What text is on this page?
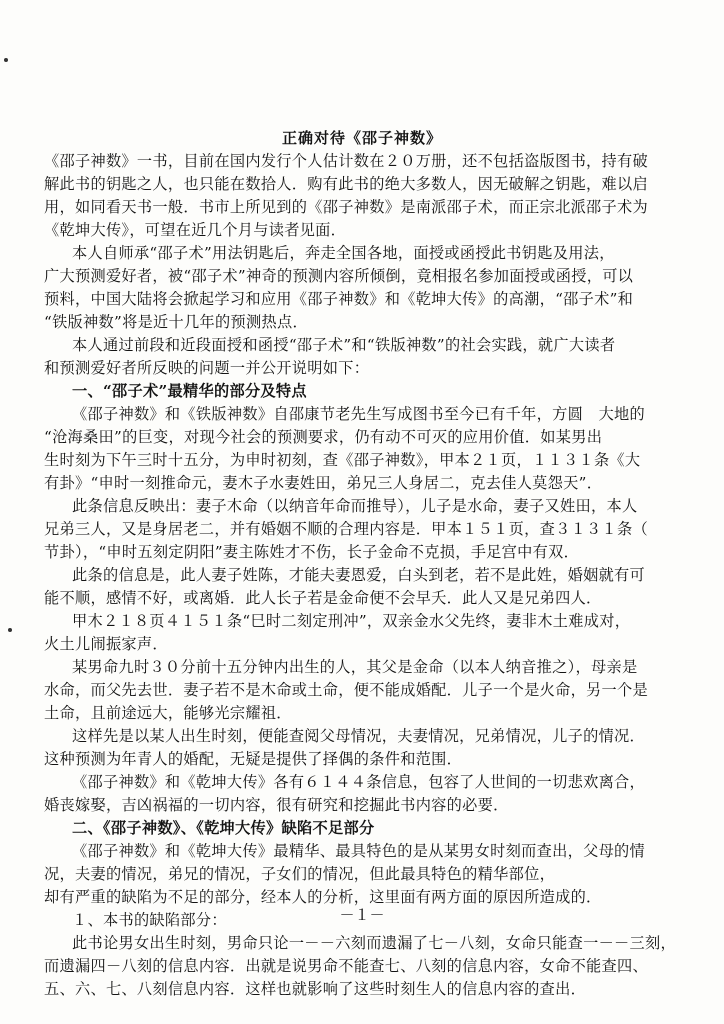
正确对待《邵子神数》
《邵子神数》一书，目前在国内发行个人估计数在２０万册，还不包括盗版图书，持有破
解此书的钥匙之人，也只能在数拾人．购有此书的绝大多数人，因无破解之钥匙，难以启
用，如同看天书一般．书市上所见到的《邵子神数》是南派邵子术，而正宗北派邵子术为
《乾坤大传》，可望在近几个月与读者见面．
本人自师承“邵子术”用法钥匙后，奔走全国各地，面授或函授此书钥匙及用法，
广大预测爱好者，被“邵子术”神奇的预测内容所倾倒，竟相报名参加面授或函授，可以
预料，中国大陆将会掀起学习和应用《邵子神数》和《乾坤大传》的高潮，“邵子术”和
“铁版神数”将是近十几年的预测热点．
本人通过前段和近段面授和函授“邵子术”和“铁版神数”的社会实践，就广大读者
和预测爱好者所反映的问题一并公开说明如下：
一、“邵子术”最精华的部分及特点
《邵子神数》和《铁版神数》自邵康节老先生写成图书至今已有千年，方圆　大地的
“沧海桑田”的巨变，对现今社会的预测要求，仍有动不可灭的应用价值．如某男出
生时刻为下午三时十五分，为申时初刻，查《邵子神数》，甲本２１页，１１３１条《大
有卦》“申时一刻推命元，妻木子水妻姓田，弟兄三人身居二，克去佳人莫怨天”．
此条信息反映出：妻子木命（以纳音年命而推导），儿子是水命，妻子又姓田，本人
兄弟三人，又是身居老二，并有婚姻不顺的合理内容是．甲本１５１页，查３１３１条（
节卦），“申时五刻定阴阳”妻主陈姓才不伤，长子金命不克损，手足宫中有双．
此条的信息是，此人妻子姓陈，才能夫妻恩爱，白头到老，若不是此姓，婚姻就有可
能不顺，感情不好，或离婚．此人长子若是金命便不会早夭．此人又是兄弟四人．
甲木２１８页４１５１条“巳时二刻定刑冲”，双亲金水父先终，妻非木土难成对，
火土儿闹振家声．
某男命九时３０分前十五分钟内出生的人，其父是金命（以本人纳音推之），母亲是
水命，而父先去世．妻子若不是木命或土命，便不能成婚配．儿子一个是火命，另一个是
土命，且前途远大，能够光宗耀祖．
这样先是以某人出生时刻，便能查阅父母情况，夫妻情况，兄弟情况，儿子的情况．
这种预测为年青人的婚配，无疑是提供了择偶的条件和范围．
《邵子神数》和《乾坤大传》各有６１４４条信息，包容了人世间的一切悲欢离合，
婚丧嫁娶，吉凶祸福的一切内容，很有研究和挖掘此书内容的必要．
二、《邵子神数》、《乾坤大传》缺陷不足部分
《邵子神数》和《乾坤大传》最精华、最具特色的是从某男女时刻而查出，父母的情
况，夫妻的情况，弟兄的情况，子女们的情况，但此最具特色的精华部位，
却有严重的缺陷为不足的部分，经本人的分析，这里面有两方面的原因所造成的．
１、本书的缺陷部分：
此书论男女出生时刻，男命只论一－－六刻而遗漏了七－八刻，女命只能查一－－三刻，
而遗漏四－八刻的信息内容．出就是说男命不能查七、八刻的信息内容，女命不能查四、
五、六、七、八刻信息内容．这样也就影响了这些时刻生人的信息内容的查出．
－１－
